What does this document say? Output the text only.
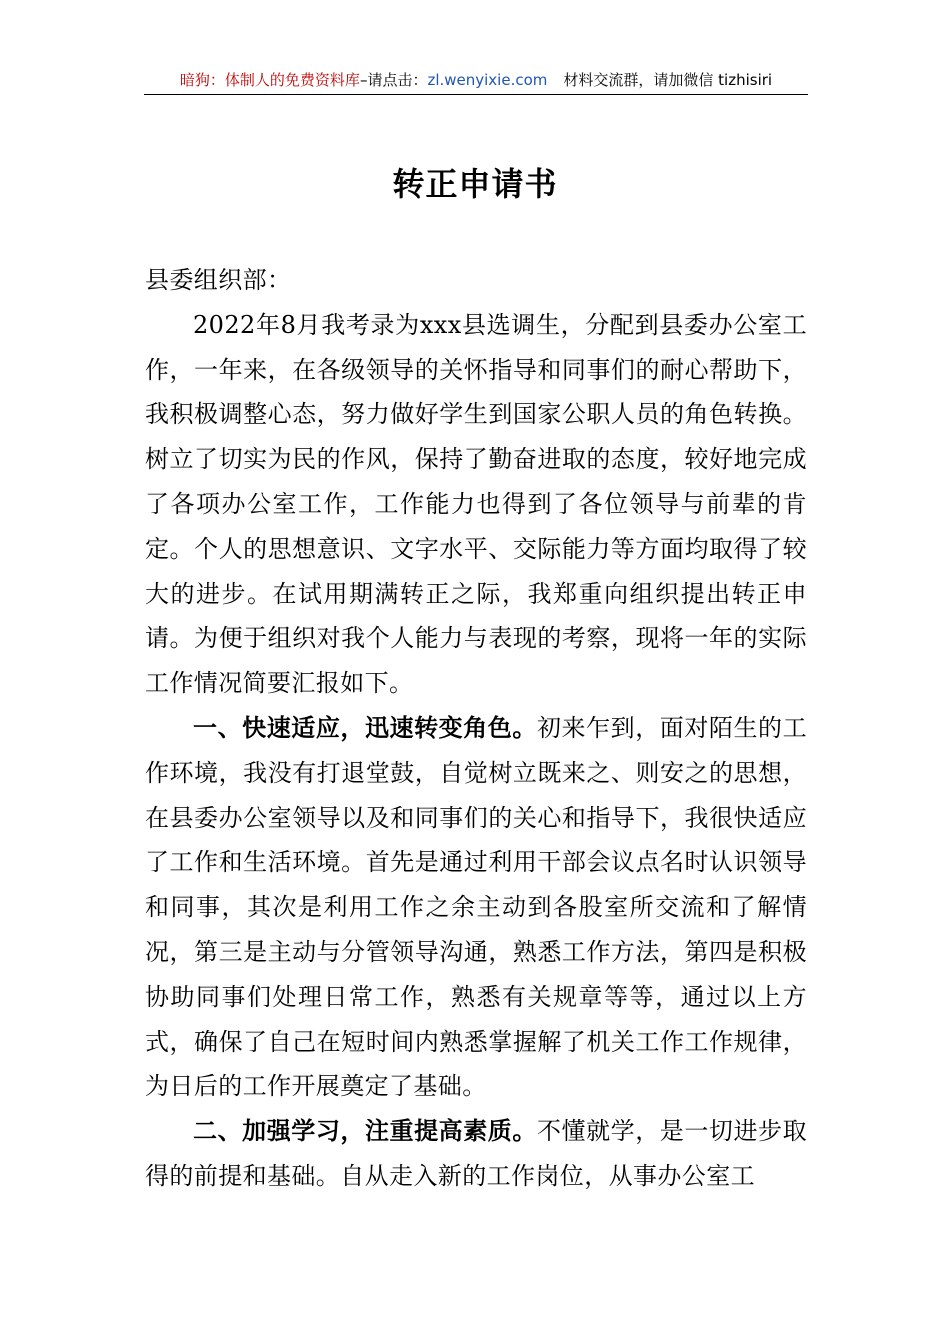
暗狗：体制人的免费资料库–请点击：zl.wenyixie.com 材料交流群，请加微信 tizhisiri
转正申请书

县委组织部：

2022年8月我考录为xxx县选调生，分配到县委办公室工作，一年来，在各级领导的关怀指导和同事们的耐心帮助下，我积极调整心态，努力做好学生到国家公职人员的角色转换。树立了切实为民的作风，保持了勤奋进取的态度，较好地完成了各项办公室工作，工作能力也得到了各位领导与前辈的肯定。个人的思想意识、文字水平、交际能力等方面均取得了较大的进步。在试用期满转正之际，我郑重向组织提出转正申请。为便于组织对我个人能力与表现的考察，现将一年的实际工作情况简要汇报如下。

一、快速适应，迅速转变角色。初来乍到，面对陌生的工作环境，我没有打退堂鼓，自觉树立既来之、则安之的思想，在县委办公室领导以及和同事们的关心和指导下，我很快适应了工作和生活环境。首先是通过利用干部会议点名时认识领导和同事，其次是利用工作之余主动到各股室所交流和了解情况，第三是主动与分管领导沟通，熟悉工作方法，第四是积极协助同事们处理日常工作，熟悉有关规章等等，通过以上方式，确保了自己在短时间内熟悉掌握解了机关工作工作规律，为日后的工作开展奠定了基础。

二、加强学习，注重提高素质。不懂就学，是一切进步取得的前提和基础。自从走入新的工作岗位，从事办公室工
